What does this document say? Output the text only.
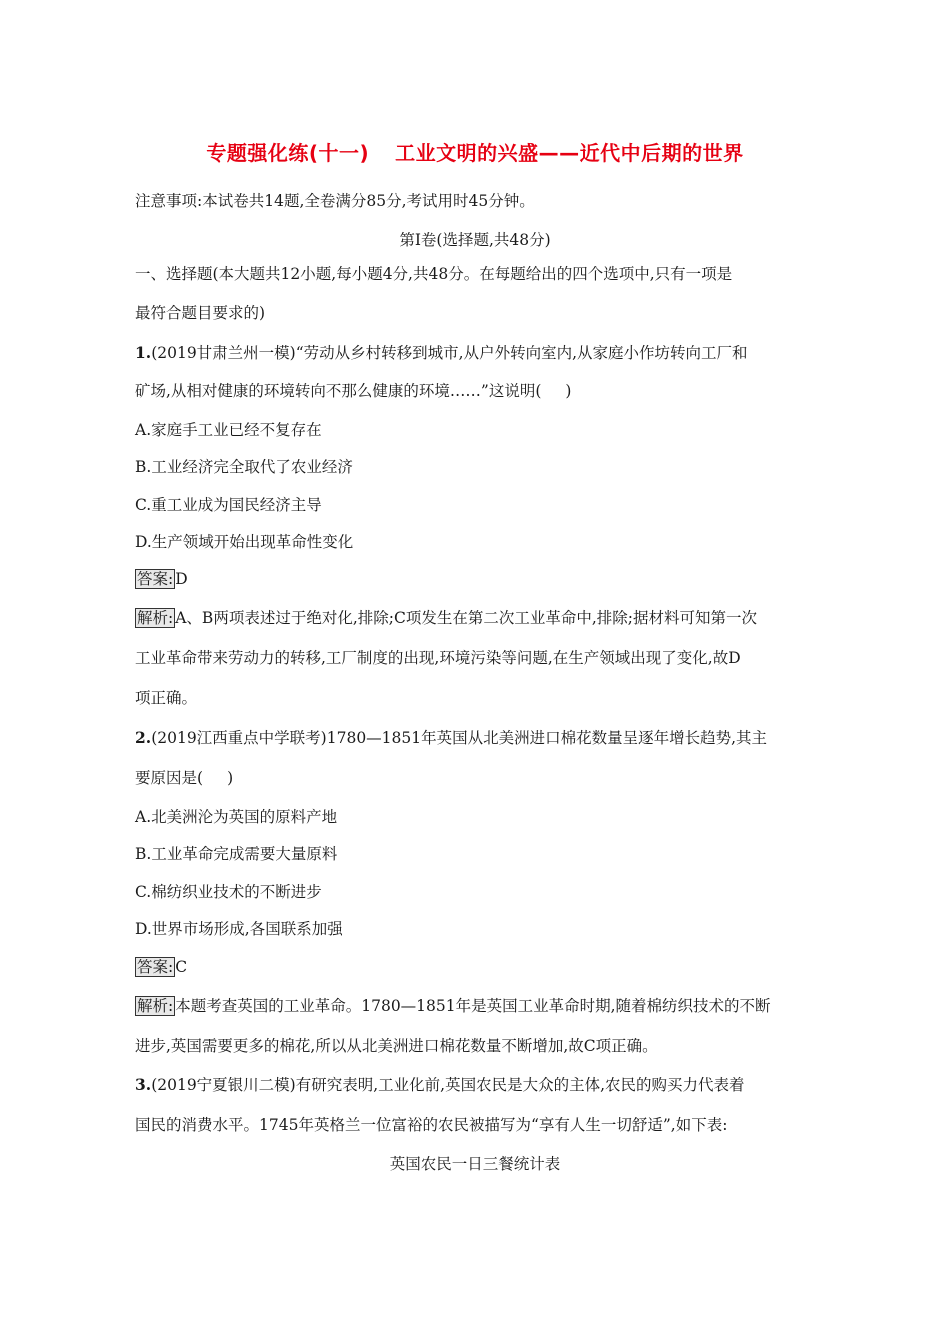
专题强化练(十一) 工业文明的兴盛——近代中后期的世界
注意事项:本试卷共14题,全卷满分85分,考试用时45分钟。
第Ⅰ卷(选择题,共48分)
一、选择题(本大题共12小题,每小题4分,共48分。在每题给出的四个选项中,只有一项是
最符合题目要求的)
1.(2019甘肃兰州一模)“劳动从乡村转移到城市,从户外转向室内,从家庭小作坊转向工厂和
矿场,从相对健康的环境转向不那么健康的环境……”这说明( )
A.家庭手工业已经不复存在
B.工业经济完全取代了农业经济
C.重工业成为国民经济主导
D.生产领域开始出现革命性变化
答案: D
解析: A、B两项表述过于绝对化,排除;C项发生在第二次工业革命中,排除;据材料可知第一次
工业革命带来劳动力的转移,工厂制度的出现,环境污染等问题,在生产领域出现了变化,故D
项正确。
2.(2019江西重点中学联考)1780—1851年英国从北美洲进口棉花数量呈逐年增长趋势,其主
要原因是( )
A.北美洲沦为英国的原料产地
B.工业革命完成需要大量原料
C.棉纺织业技术的不断进步
D.世界市场形成,各国联系加强
答案: C
解析: 本题考查英国的工业革命。1780—1851年是英国工业革命时期,随着棉纺织技术的不断
进步,英国需要更多的棉花,所以从北美洲进口棉花数量不断增加,故C项正确。
3.(2019宁夏银川二模)有研究表明,工业化前,英国农民是大众的主体,农民的购买力代表着
国民的消费水平。1745年英格兰一位富裕的农民被描写为“享有人生一切舒适”,如下表:
英国农民一日三餐统计表
